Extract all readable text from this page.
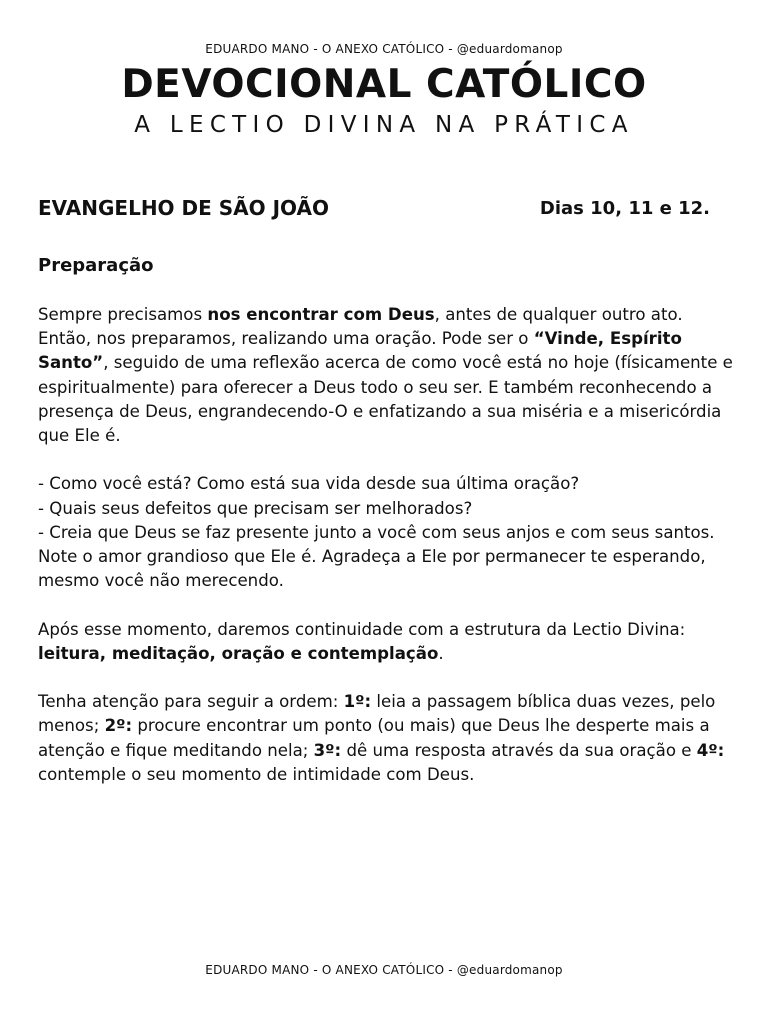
EDUARDO MANO - O ANEXO CATÓLICO - @eduardomanop
DEVOCIONAL CATÓLICO
A LECTIO DIVINA NA PRÁTICA
EVANGELHO DE SÃO JOÃO	Dias 10, 11 e 12.
Preparação

Sempre precisamos nos encontrar com Deus, antes de qualquer outro ato. Então, nos preparamos, realizando uma oração. Pode ser o “Vinde, Espírito Santo”, seguido de uma reflexão acerca de como você está no hoje (físicamente e espiritualmente) para oferecer a Deus todo o seu ser. E também reconhecendo a presença de Deus, engrandecendo-O e enfatizando a sua miséria e a misericórdia que Ele é.

- Como você está? Como está sua vida desde sua última oração?
- Quais seus defeitos que precisam ser melhorados?
- Creia que Deus se faz presente junto a você com seus anjos e com seus santos. Note o amor grandioso que Ele é. Agradeça a Ele por permanecer te esperando, mesmo você não merecendo.

Após esse momento, daremos continuidade com a estrutura da Lectio Divina: leitura, meditação, oração e contemplação.

Tenha atenção para seguir a ordem: 1º: leia a passagem bíblica duas vezes, pelo menos; 2º: procure encontrar um ponto (ou mais) que Deus lhe desperte mais a atenção e fique meditando nela; 3º: dê uma resposta através da sua oração e 4º: contemple o seu momento de intimidade com Deus.

EDUARDO MANO - O ANEXO CATÓLICO - @eduardomanop
